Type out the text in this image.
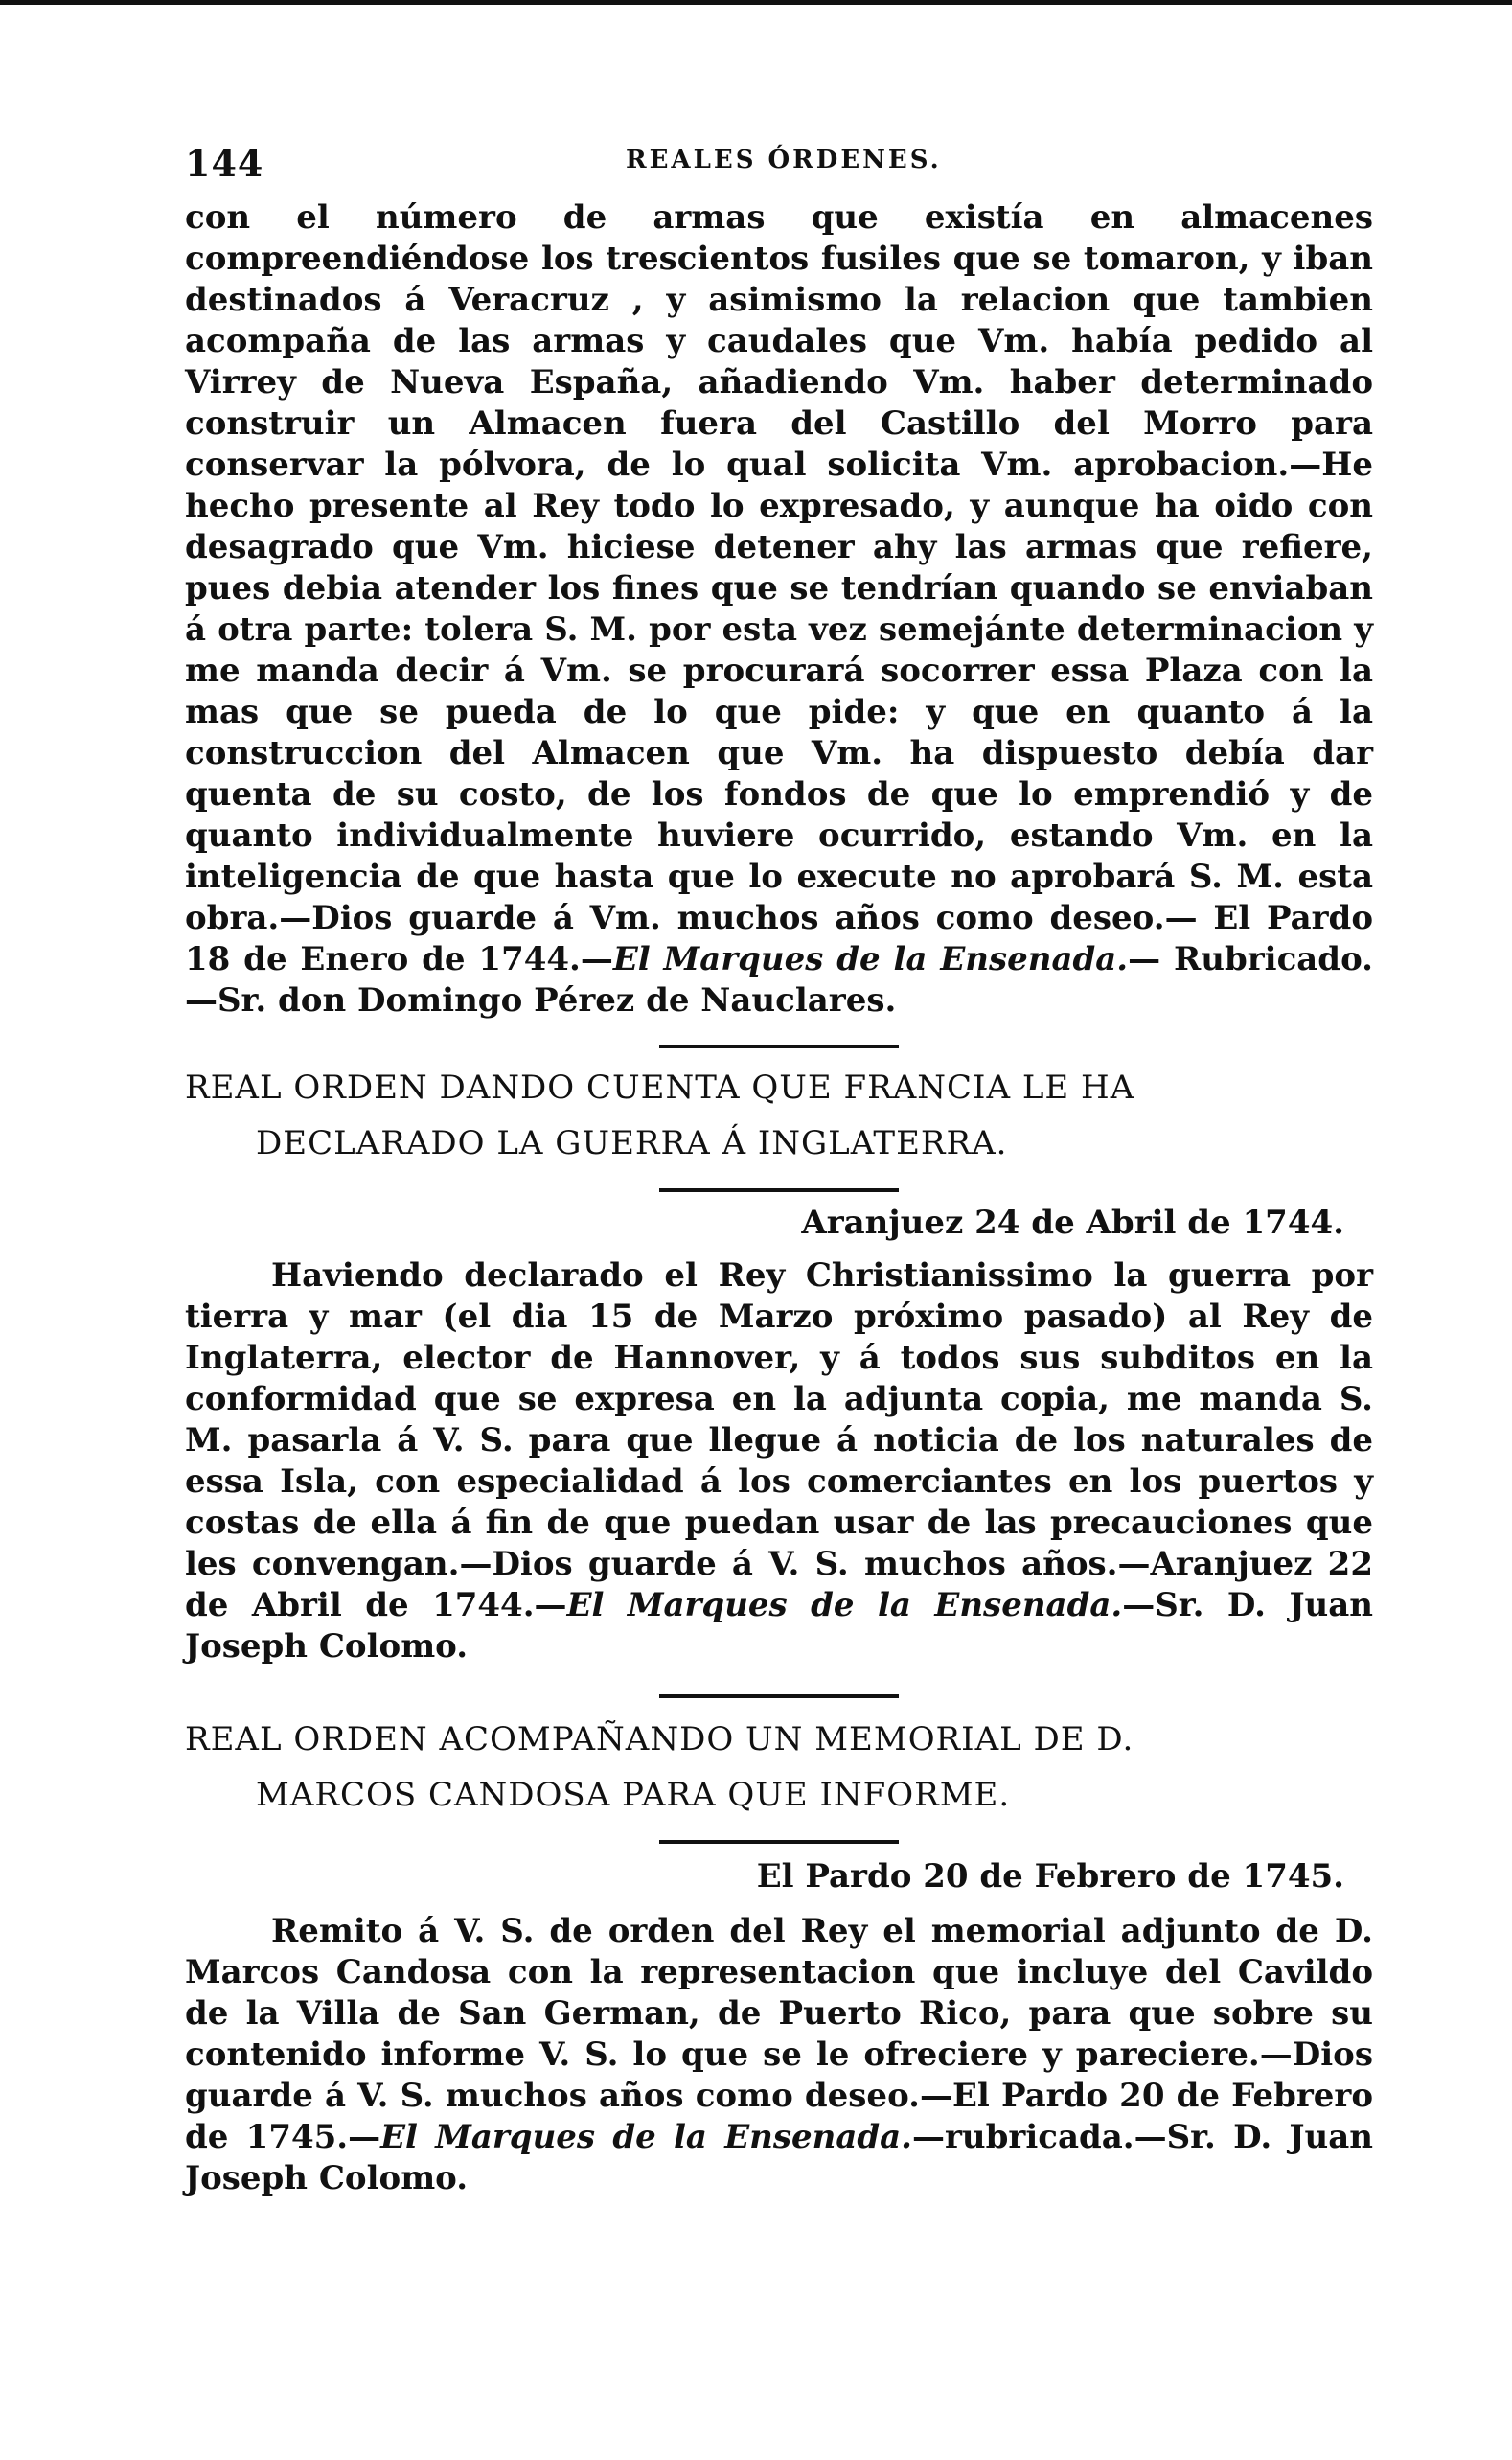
144	REALES ÓRDENES.

con el número de armas que existía en almacenes compreendiéndose los trescientos fusiles que se tomaron, y iban destinados á Veracruz , y asimismo la relacion que tambien acompaña de las armas y caudales que Vm. había pedido al Virrey de Nueva España, añadiendo Vm. haber determinado construir un Almacen fuera del Castillo del Morro para conservar la pólvora, de lo qual solicita Vm. aprobacion.—He hecho presente al Rey todo lo expresado, y aunque ha oido con desagrado que Vm. hiciese detener ahy las armas que refiere, pues debia atender los fines que se tendrían quando se enviaban á otra parte: tolera S. M. por esta vez semejánte determinacion y me manda decir á Vm. se procurará socorrer essa Plaza con la mas que se pueda de lo que pide: y que en quanto á la construccion del Almacen que Vm. ha dispuesto debía dar quenta de su costo, de los fondos de que lo emprendió y de quanto individualmente huviere ocurrido, estando Vm. en la inteligencia de que hasta que lo execute no aprobará S. M. esta obra.—Dios guarde á Vm. muchos años como deseo.— El Pardo 18 de Enero de 1744.—El Marques de la Ensenada.— Rubricado.—Sr. don Domingo Pérez de Nauclares.

REAL ORDEN DANDO CUENTA QUE FRANCIA LE HA
DECLARADO LA GUERRA Á INGLATERRA.

Aranjuez 24 de Abril de 1744.

Haviendo declarado el Rey Christianissimo la guerra por tierra y mar (el dia 15 de Marzo próximo pasado) al Rey de Inglaterra, elector de Hannover, y á todos sus subditos en la conformidad que se expresa en la adjunta copia, me manda S. M. pasarla á V. S. para que llegue á noticia de los naturales de essa Isla, con especialidad á los comerciantes en los puertos y costas de ella á fin de que puedan usar de las precauciones que les convengan.—Dios guarde á V. S. muchos años.—Aranjuez 22 de Abril de 1744.—El Marques de la Ensenada.—Sr. D. Juan Joseph Colomo.

REAL ORDEN ACOMPAÑANDO UN MEMORIAL DE D.
MARCOS CANDOSA PARA QUE INFORME.

El Pardo 20 de Febrero de 1745.

Remito á V. S. de orden del Rey el memorial adjunto de D. Marcos Candosa con la representacion que incluye del Cavildo de la Villa de San German, de Puerto Rico, para que sobre su contenido informe V. S. lo que se le ofreciere y pareciere.—Dios guarde á V. S. muchos años como deseo.—El Pardo 20 de Febrero de 1745.—El Marques de la Ensenada.—rubricada.—Sr. D. Juan Joseph Colomo.
